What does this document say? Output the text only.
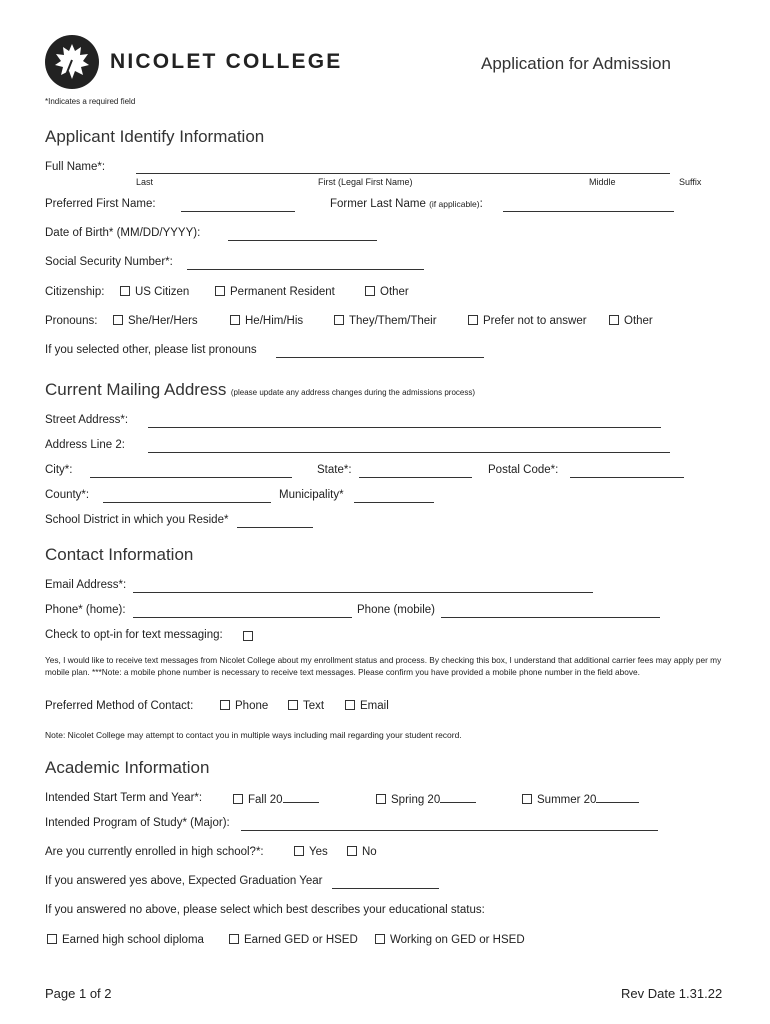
NICOLET COLLEGE	Application for Admission
*Indicates a required field
Applicant Identify Information
Full Name*:
Last	First (Legal First Name)	Middle	Suffix
Preferred First Name:	Former Last Name (if applicable):
Date of Birth* (MM/DD/YYYY):
Social Security Number*:
Citizenship:	US Citizen	Permanent Resident	Other
Pronouns:	She/Her/Hers	He/Him/His	They/Them/Their	Prefer not to answer	Other
If you selected other, please list pronouns
Current Mailing Address (please update any address changes during the admissions process)
Street Address*:
Address Line 2:
City*:	State*:	Postal Code*:
County*:	Municipality*
School District in which you Reside*
Contact Information
Email Address*:
Phone* (home):	Phone (mobile)
Check to opt-in for text messaging:
Yes, I would like to receive text messages from Nicolet College about my enrollment status and process. By checking this box, I understand that additional carrier fees may apply per my mobile plan. ***Note: a mobile phone number is necessary to receive text messages. Please confirm you have provided a mobile phone number in the field above.
Preferred Method of Contact:	Phone	Text	Email
Note: Nicolet College may attempt to contact you in multiple ways including mail regarding your student record.
Academic Information
Intended Start Term and Year*:	Fall 20	Spring 20	Summer 20
Intended Program of Study* (Major):
Are you currently enrolled in high school?*:	Yes	No
If you answered yes above, Expected Graduation Year
If you answered no above, please select which best describes your educational status:
Earned high school diploma	Earned GED or HSED	Working on GED or HSED
Page 1 of 2	Rev Date 1.31.22
